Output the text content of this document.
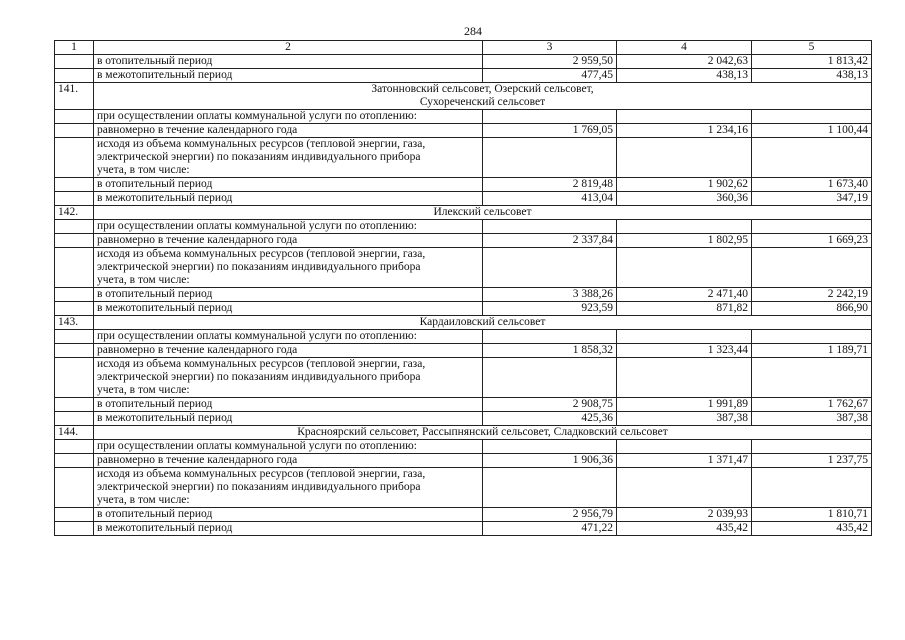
284
1	2	3	4	5
	в отопительный период	2 959,50	2 042,63	1 813,42
	в межотопительный период	477,45	438,13	438,13
141.	Затонновский сельсовет, Озерский сельсовет,
Сухореченский сельсовет			

	при осуществлении оплаты коммунальной услуги по отоплению:			
	равномерно в течение календарного года	1 769,05	1 234,16	1 100,44

	исходя из объема коммунальных ресурсов (тепловой энергии, газа,
электрической энергии) по показаниям индивидуального прибора
учета, в том числе:			

	в отопительный период	2 819,48	1 902,62	1 673,40
	в межотопительный период	413,04	360,36	347,19
142.	Илекский сельсовет			

	при осуществлении оплаты коммунальной услуги по отоплению:			
	равномерно в течение календарного года	2 337,84	1 802,95	1 669,23

	исходя из объема коммунальных ресурсов (тепловой энергии, газа,
электрической энергии) по показаниям индивидуального прибора
учета, в том числе:			

	в отопительный период	3 388,26	2 471,40	2 242,19
	в межотопительный период	923,59	871,82	866,90
143.	Кардаиловский сельсовет			

	при осуществлении оплаты коммунальной услуги по отоплению:			
	равномерно в течение календарного года	1 858,32	1 323,44	1 189,71

	исходя из объема коммунальных ресурсов (тепловой энергии, газа,
электрической энергии) по показаниям индивидуального прибора
учета, в том числе:			

	в отопительный период	2 908,75	1 991,89	1 762,67
	в межотопительный период	425,36	387,38	387,38
144.	Красноярский сельсовет, Рассыпнянский сельсовет, Сладковский сельсовет			

	при осуществлении оплаты коммунальной услуги по отоплению:			
	равномерно в течение календарного года	1 906,36	1 371,47	1 237,75

	исходя из объема коммунальных ресурсов (тепловой энергии, газа,
электрической энергии) по показаниям индивидуального прибора
учета, в том числе:			

	в отопительный период	2 956,79	2 039,93	1 810,71
	в межотопительный период	471,22	435,42	435,42
